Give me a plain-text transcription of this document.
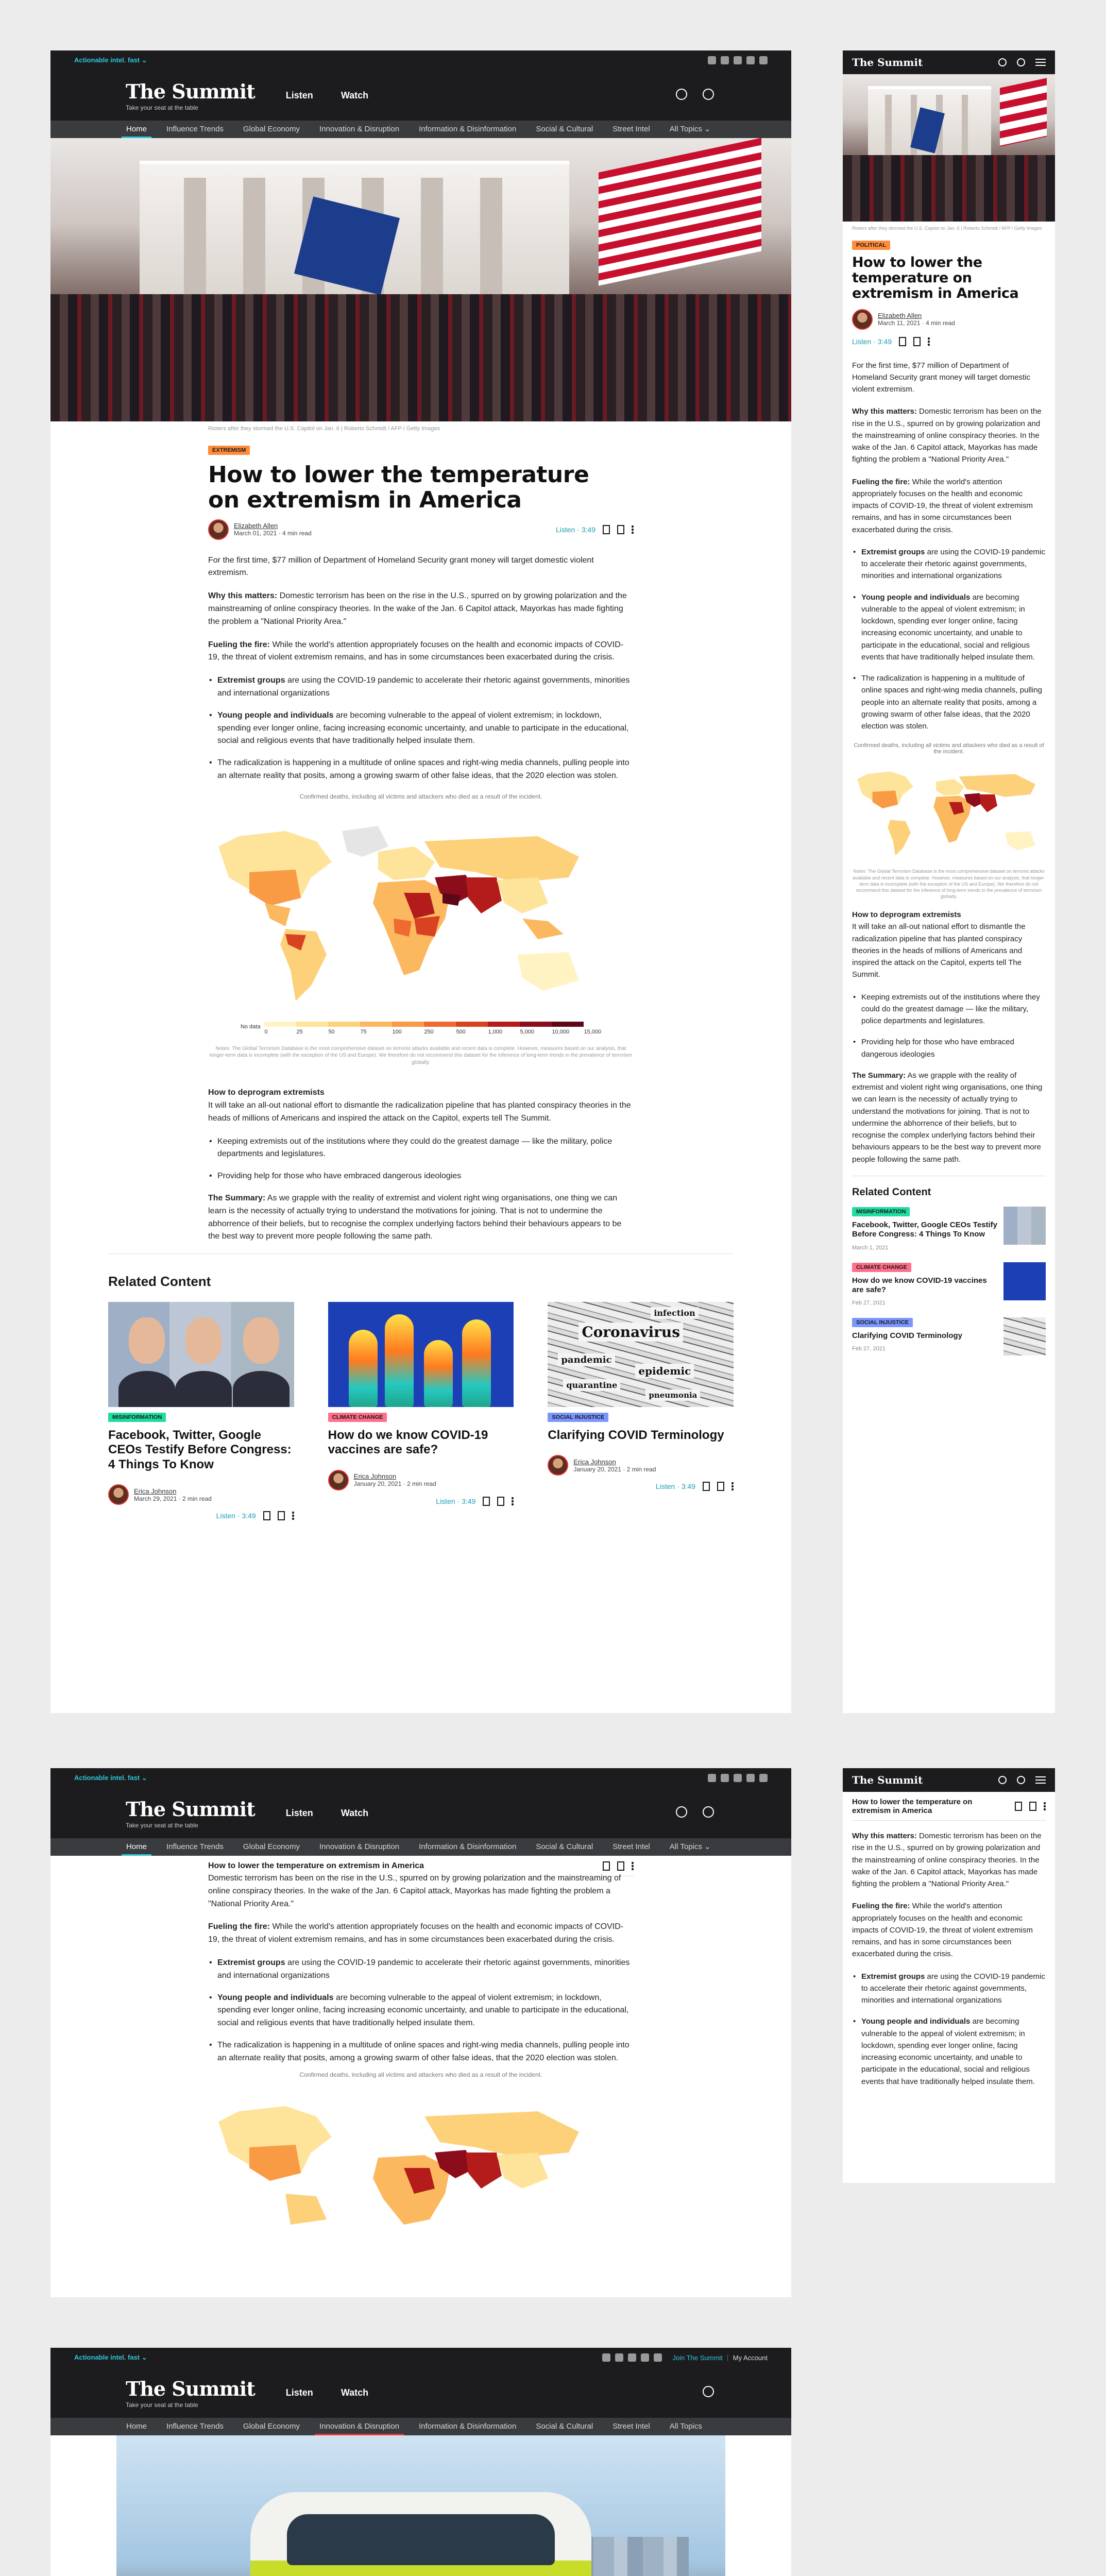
Actionable intel. fast ⌄
The Summit
Take your seat at the table
Listen	Watch
Home	Influence Trends	Global Economy	Innovation & Disruption	Information & Disinformation	Social & Cultural	Street Intel	All Topics ⌄
Rioters after they stormed the U.S. Capitol on Jan. 6 | Roberto Schmidt / AFP / Getty Images
EXTREMISM
How to lower the temperature on extremism in America
Elizabeth Allen
March 01, 2021 · 4 min read	Listen · 3:49

For the first time, $77 million of Department of Homeland Security grant money will target domestic violent extremism.

Why this matters: Domestic terrorism has been on the rise in the U.S., spurred on by growing polarization and the mainstreaming of online conspiracy theories. In the wake of the Jan. 6 Capitol attack, Mayorkas has made fighting the problem a "National Priority Area."

Fueling the fire: While the world's attention appropriately focuses on the health and economic impacts of COVID-19, the threat of violent extremism remains, and has in some circumstances been exacerbated during the crisis.

• Extremist groups are using the COVID-19 pandemic to accelerate their rhetoric against governments, minorities and international organizations
• Young people and individuals are becoming vulnerable to the appeal of violent extremism; in lockdown, spending ever longer online, facing increasing economic uncertainty, and unable to participate in the educational, social and religious events that have traditionally helped insulate them.
• The radicalization is happening in a multitude of online spaces and right-wing media channels, pulling people into an alternate reality that posits, among a growing swarm of other false ideas, that the 2020 election was stolen.
Confirmed deaths, including all victims and attackers who died as a result of the incident.
No data
0	25	50	75	100	250	500	1,000	5,000	10,000	15,000
Notes: The Global Terrorism Database is the most comprehensive dataset on terrorist attacks available and recent data is complete. However, measures based on our analysis, that longer-term data is incomplete (with the exception of the US and Europe). We therefore do not recommend this dataset for the inference of long-term trends in the prevalence of terrorism globally.

How to deprogram extremists

It will take an all-out national effort to dismantle the radicalization pipeline that has planted conspiracy theories in the heads of millions of Americans and inspired the attack on the Capitol, experts tell The Summit.

• Keeping extremists out of the institutions where they could do the greatest damage — like the military, police departments and legislatures.
• Providing help for those who have embraced dangerous ideologies

The Summary: As we grapple with the reality of extremist and violent right wing organisations, one thing we can learn is the necessity of actually trying to understand the motivations for joining. That is not to undermine the abhorrence of their beliefs, but to recognise the complex underlying factors behind their behaviours appears to be the best way to prevent more people following the same path.

Related Content
MISINFORMATION
Facebook, Twitter, Google CEOs Testify Before Congress: 4 Things To Know
Erica Johnson
March 29, 2021 · 2 min read
Listen · 3:49
CLIMATE CHANGE
How do we know COVID-19 vaccines are safe?
Erica Johnson
January 20, 2021 · 2 min read
Listen · 3:49
Coronavirus
pandemic
epidemic
quarantine
infection
pneumonia
SOCIAL INJUSTICE
Clarifying COVID Terminology
Erica Johnson
January 20, 2021 · 2 min read
Listen · 3:49
The Summit
Rioters after they stormed the U.S. Capitol on Jan. 6 | Roberto Schmidt / AFP / Getty Images
POLITICAL
How to lower the temperature on extremism in America
Elizabeth Allen
March 11, 2021 · 4 min read
Listen · 3:49

For the first time, $77 million of Department of Homeland Security grant money will target domestic violent extremism.

Why this matters: Domestic terrorism has been on the rise in the U.S., spurred on by growing polarization and the mainstreaming of online conspiracy theories. In the wake of the Jan. 6 Capitol attack, Mayorkas has made fighting the problem a "National Priority Area."

Fueling the fire: While the world's attention appropriately focuses on the health and economic impacts of COVID-19, the threat of violent extremism remains, and has in some circumstances been exacerbated during the crisis.

• Extremist groups are using the COVID-19 pandemic to accelerate their rhetoric against governments, minorities and international organizations
• Young people and individuals are becoming vulnerable to the appeal of violent extremism; in lockdown, spending ever longer online, facing increasing economic uncertainty, and unable to participate in the educational, social and religious events that have traditionally helped insulate them.
• The radicalization is happening in a multitude of online spaces and right-wing media channels, pulling people into an alternate reality that posits, among a growing swarm of other false ideas, that the 2020 election was stolen.
Confirmed deaths, including all victims and attackers who died as a result of the incident.
Notes: The Global Terrorism Database is the most comprehensive dataset on terrorist attacks available and recent data is complete. However, measures based on our analysis, that longer-term data is incomplete (with the exception of the US and Europe). We therefore do not recommend this dataset for the inference of long-term trends in the prevalence of terrorism globally.

How to deprogram extremists

It will take an all-out national effort to dismantle the radicalization pipeline that has planted conspiracy theories in the heads of millions of Americans and inspired the attack on the Capitol, experts tell The Summit.

• Keeping extremists out of the institutions where they could do the greatest damage — like the military, police departments and legislatures.
• Providing help for those who have embraced dangerous ideologies

The Summary: As we grapple with the reality of extremist and violent right wing organisations, one thing we can learn is the necessity of actually trying to understand the motivations for joining. That is not to undermine the abhorrence of their beliefs, but to recognise the complex underlying factors behind their behaviours appears to be the best way to prevent more people following the same path.

Related Content
MISINFORMATION
Facebook, Twitter, Google CEOs Testify Before Congress: 4 Things To Know
March 1, 2021
CLIMATE CHANGE
How do we know COVID-19 vaccines are safe?
Feb 27, 2021
SOCIAL INJUSTICE
Clarifying COVID Terminology
Feb 27, 2021
Actionable intel. fast ⌄
The Summit
Take your seat at the table
Listen	Watch
Home	Influence Trends	Global Economy	Innovation & Disruption	Information & Disinformation	Social & Cultural	Street Intel	All Topics ⌄
How to lower the temperature on extremism in America

Domestic terrorism has been on the rise in the U.S., spurred on by growing polarization and the mainstreaming of online conspiracy theories. In the wake of the Jan. 6 Capitol attack, Mayorkas has made fighting the problem a "National Priority Area."

Fueling the fire: While the world's attention appropriately focuses on the health and economic impacts of COVID-19, the threat of violent extremism remains, and has in some circumstances been exacerbated during the crisis.

• Extremist groups are using the COVID-19 pandemic to accelerate their rhetoric against governments, minorities and international organizations
• Young people and individuals are becoming vulnerable to the appeal of violent extremism; in lockdown, spending ever longer online, facing increasing economic uncertainty, and unable to participate in the educational, social and religious events that have traditionally helped insulate them.
• The radicalization is happening in a multitude of online spaces and right-wing media channels, pulling people into an alternate reality that posits, among a growing swarm of other false ideas, that the 2020 election was stolen.
Confirmed deaths, including all victims and attackers who died as a result of the incident.
The Summit
How to lower the temperature on extremism in America

Why this matters: Domestic terrorism has been on the rise in the U.S., spurred on by growing polarization and the mainstreaming of online conspiracy theories. In the wake of the Jan. 6 Capitol attack, Mayorkas has made fighting the problem a "National Priority Area."

Fueling the fire: While the world's attention appropriately focuses on the health and economic impacts of COVID-19, the threat of violent extremism remains, and has in some circumstances been exacerbated during the crisis.

• Extremist groups are using the COVID-19 pandemic to accelerate their rhetoric against governments, minorities and international organizations
• Young people and individuals are becoming vulnerable to the appeal of violent extremism; in lockdown, spending ever longer online, facing increasing economic uncertainty, and unable to participate in the educational, social and religious events that have traditionally helped insulate them.
Actionable intel. fast ⌄	Join The Summit	My Account
The Summit
Take your seat at the table
Listen	Watch
Home	Influence Trends	Global Economy	Innovation & Disruption	Information & Disinformation	Social & Cultural	Street Intel	All Topics
